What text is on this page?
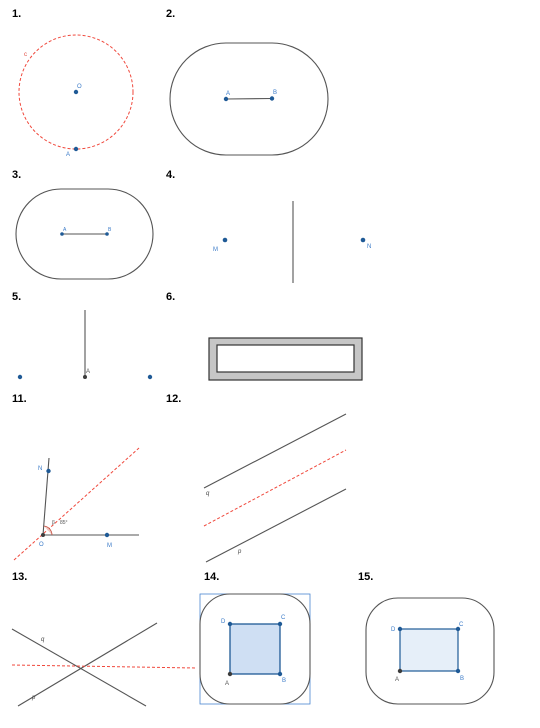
1.
O
A
c
2.
A	B
3.
A	B
4.
M	N
5.
A
6.
11.
N
M
O
β 85°
12.
q
p
13.
q
p
14.
A	B
C
D
15.
A	B
C
D
